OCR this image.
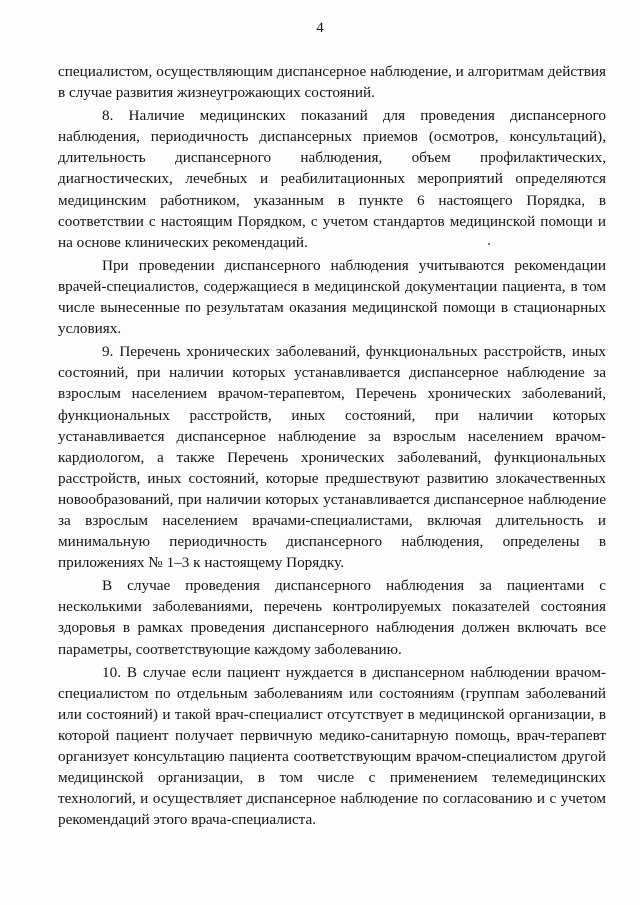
4

специалистом, осуществляющим диспансерное наблюдение, и алгоритмам действия в случае развития жизнеугрожающих состояний.

8. Наличие медицинских показаний для проведения диспансерного наблюдения, периодичность диспансерных приемов (осмотров, консультаций), длительность диспансерного наблюдения, объем профилактических, диагностических, лечебных и реабилитационных мероприятий определяются медицинским работником, указанным в пункте 6 настоящего Порядка, в соответствии с настоящим Порядком, с учетом стандартов медицинской помощи и на основе клинических рекомендаций.

При проведении диспансерного наблюдения учитываются рекомендации врачей-специалистов, содержащиеся в медицинской документации пациента, в том числе вынесенные по результатам оказания медицинской помощи в стационарных условиях.

9. Перечень хронических заболеваний, функциональных расстройств, иных состояний, при наличии которых устанавливается диспансерное наблюдение за взрослым населением врачом-терапевтом, Перечень хронических заболеваний, функциональных расстройств, иных состояний, при наличии которых устанавливается диспансерное наблюдение за взрослым населением врачом-кардиологом, а также Перечень хронических заболеваний, функциональных расстройств, иных состояний, которые предшествуют развитию злокачественных новообразований, при наличии которых устанавливается диспансерное наблюдение за взрослым населением врачами-специалистами, включая длительность и минимальную периодичность диспансерного наблюдения, определены в приложениях № 1–3 к настоящему Порядку.

В случае проведения диспансерного наблюдения за пациентами с несколькими заболеваниями, перечень контролируемых показателей состояния здоровья в рамках проведения диспансерного наблюдения должен включать все параметры, соответствующие каждому заболеванию.

10. В случае если пациент нуждается в диспансерном наблюдении врачом-специалистом по отдельным заболеваниям или состояниям (группам заболеваний или состояний) и такой врач-специалист отсутствует в медицинской организации, в которой пациент получает первичную медико-санитарную помощь, врач-терапевт организует консультацию пациента соответствующим врачом-специалистом другой медицинской организации, в том числе с применением телемедицинских технологий, и осуществляет диспансерное наблюдение по согласованию и с учетом рекомендаций этого врача-специалиста.
